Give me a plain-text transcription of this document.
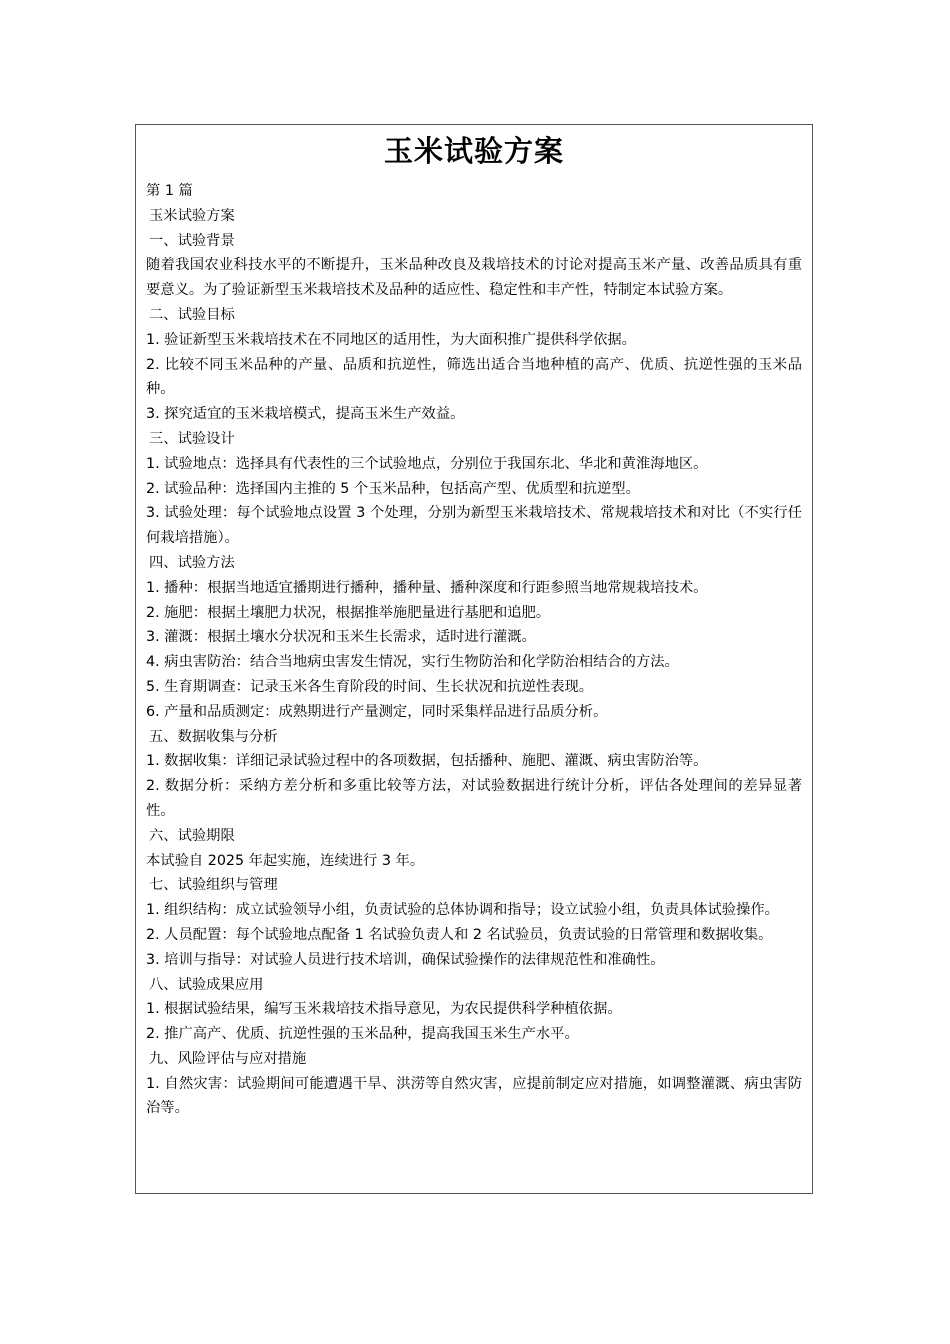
玉米试验方案

第 1 篇

玉米试验方案

一、试验背景

随着我国农业科技水平的不断提升，玉米品种改良及栽培技术的讨论对提高玉米产量、改善品质具有重要意义。为了验证新型玉米栽培技术及品种的适应性、稳定性和丰产性，特制定本试验方案。

二、试验目标

1. 验证新型玉米栽培技术在不同地区的适用性，为大面积推广提供科学依据。

2. 比较不同玉米品种的产量、品质和抗逆性，筛选出适合当地种植的高产、优质、抗逆性强的玉米品种。

3. 探究适宜的玉米栽培模式，提高玉米生产效益。

三、试验设计

1. 试验地点：选择具有代表性的三个试验地点，分别位于我国东北、华北和黄淮海地区。

2. 试验品种：选择国内主推的 5 个玉米品种，包括高产型、优质型和抗逆型。

3. 试验处理：每个试验地点设置 3 个处理，分别为新型玉米栽培技术、常规栽培技术和对比（不实行任何栽培措施）。

四、试验方法

1. 播种：根据当地适宜播期进行播种，播种量、播种深度和行距参照当地常规栽培技术。

2. 施肥：根据土壤肥力状况，根据推举施肥量进行基肥和追肥。

3. 灌溉：根据土壤水分状况和玉米生长需求，适时进行灌溉。

4. 病虫害防治：结合当地病虫害发生情况，实行生物防治和化学防治相结合的方法。

5. 生育期调查：记录玉米各生育阶段的时间、生长状况和抗逆性表现。

6. 产量和品质测定：成熟期进行产量测定，同时采集样品进行品质分析。

五、数据收集与分析

1. 数据收集：详细记录试验过程中的各项数据，包括播种、施肥、灌溉、病虫害防治等。

2. 数据分析：采纳方差分析和多重比较等方法，对试验数据进行统计分析，评估各处理间的差异显著性。

六、试验期限

本试验自 2025 年起实施，连续进行 3 年。

七、试验组织与管理

1. 组织结构：成立试验领导小组，负责试验的总体协调和指导；设立试验小组，负责具体试验操作。

2. 人员配置：每个试验地点配备 1 名试验负责人和 2 名试验员，负责试验的日常管理和数据收集。

3. 培训与指导：对试验人员进行技术培训，确保试验操作的法律规范性和准确性。

八、试验成果应用

1. 根据试验结果，编写玉米栽培技术指导意见，为农民提供科学种植依据。

2. 推广高产、优质、抗逆性强的玉米品种，提高我国玉米生产水平。

九、风险评估与应对措施

1. 自然灾害：试验期间可能遭遇干旱、洪涝等自然灾害，应提前制定应对措施，如调整灌溉、病虫害防治等。
